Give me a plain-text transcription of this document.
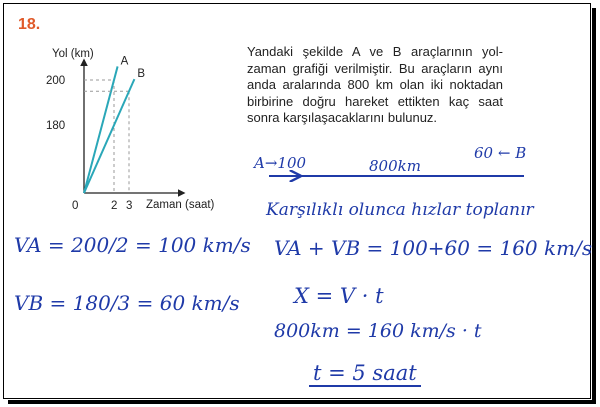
18.
Yol (km)
Zaman (saat)
A
B
180
200
0	2 3
Yandaki şekilde A ve B araçlarının yol-zaman grafiği verilmiştir. Bu araçların aynı anda aralarında 800 km olan iki noktadan birbirine doğru hareket ettikten kaç saat sonra karşılaşacaklarını bulunuz.
VA = 200/2 = 100 km/s
VB = 180/3 = 60 km/s
A→100	800km
60 ← B
Karşılıklı olunca hızlar toplanır
VA + VB = 100+60 = 160 km/s
X = V · t
800km = 160 km/s · t
t = 5 saat
